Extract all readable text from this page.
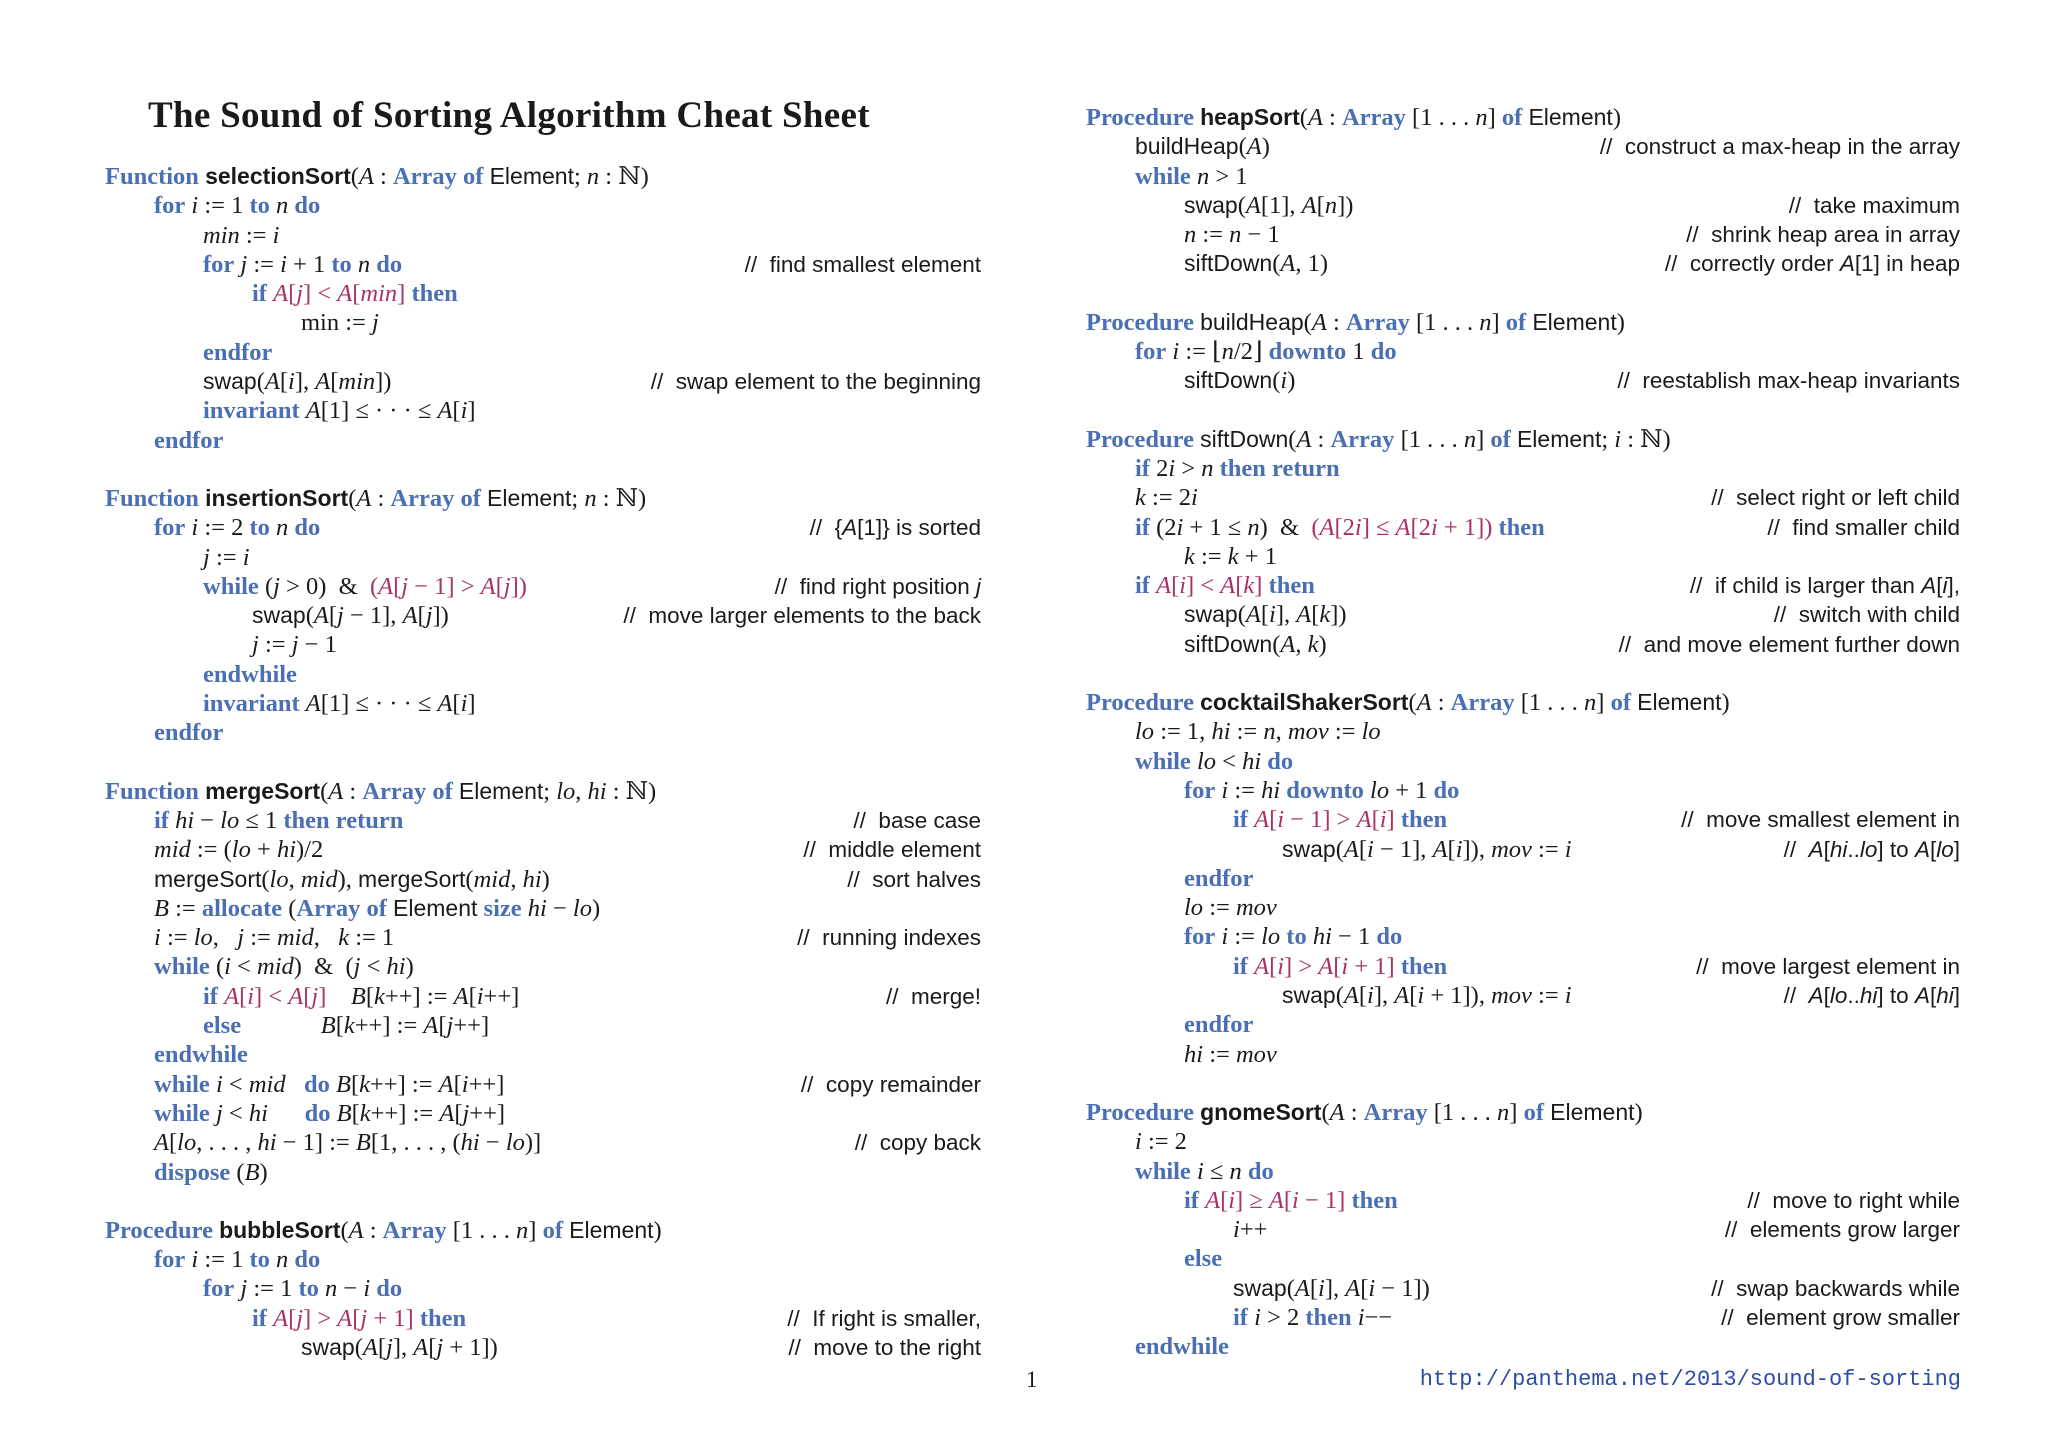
The Sound of Sorting Algorithm Cheat Sheet
Function selectionSort(A : Array of Element; n : ℕ)
for i := 1 to n do
min := i
for j := i + 1 to n do	//  find smallest element
if A[j] < A[min] then
min := j
endfor
swap(A[i], A[min])	//  swap element to the beginning
invariant A[1] ≤ · · · ≤ A[i]
endfor
Function insertionSort(A : Array of Element; n : ℕ)
for i := 2 to n do	//  {A[1]} is sorted
j := i
while (j > 0)  &  (A[j − 1] > A[j])	//  find right position j
swap(A[j − 1], A[j])	//  move larger elements to the back
j := j − 1
endwhile
invariant A[1] ≤ · · · ≤ A[i]
endfor
Function mergeSort(A : Array of Element; lo, hi : ℕ)
if hi − lo ≤ 1 then return	//  base case
mid := (lo + hi)/2	//  middle element
mergeSort(lo, mid), mergeSort(mid, hi)	//  sort halves
B := allocate (Array of Element size hi − lo)
i := lo,   j := mid,   k := 1	//  running indexes
while (i < mid)  &  (j < hi)
if A[i] < A[j] B[k++] := A[i++]	//  merge!
else	B[k++] := A[j++]
endwhile
while i < mid do B[k++] := A[i++]	//  copy remainder
while j < hi do B[k++] := A[j++]
A[lo, . . . , hi − 1] := B[1, . . . , (hi − lo)]	//  copy back
dispose (B)
Procedure bubbleSort(A : Array [1 . . . n] of Element)
for i := 1 to n do
for j := 1 to n − i do
if A[j] > A[j + 1] then	//  If right is smaller,
swap(A[j], A[j + 1])	//  move to the right
Procedure heapSort(A : Array [1 . . . n] of Element)
buildHeap(A)	//  construct a max-heap in the array
while n > 1
swap(A[1], A[n])	//  take maximum
n := n − 1	//  shrink heap area in array
siftDown(A, 1)	//  correctly order A[1] in heap
Procedure buildHeap(A : Array [1 . . . n] of Element)
for i := ⌊n/2⌋ downto 1 do
siftDown(i)	//  reestablish max-heap invariants
Procedure siftDown(A : Array [1 . . . n] of Element; i : ℕ)
if 2i > n then return
k := 2i	//  select right or left child
if (2i + 1 ≤ n)  &  (A[2i] ≤ A[2i + 1]) then	//  find smaller child
k := k + 1
if A[i] < A[k] then	//  if child is larger than A[i],
swap(A[i], A[k])	//  switch with child
siftDown(A, k)	//  and move element further down
Procedure cocktailShakerSort(A : Array [1 . . . n] of Element)
lo := 1, hi := n, mov := lo
while lo < hi do
for i := hi downto lo + 1 do
if A[i − 1] > A[i] then	//  move smallest element in
swap(A[i − 1], A[i]), mov := i	//  A[hi..lo] to A[lo]
endfor
lo := mov
for i := lo to hi − 1 do
if A[i] > A[i + 1] then	//  move largest element in
swap(A[i], A[i + 1]), mov := i	//  A[lo..hi] to A[hi]
endfor
hi := mov
Procedure gnomeSort(A : Array [1 . . . n] of Element)
i := 2
while i ≤ n do
if A[i] ≥ A[i − 1] then	//  move to right while
i++	//  elements grow larger
else
swap(A[i], A[i − 1])	//  swap backwards while
if i > 2 then i−−	//  element grow smaller
endwhile
1	http://panthema.net/2013/sound-of-sorting
